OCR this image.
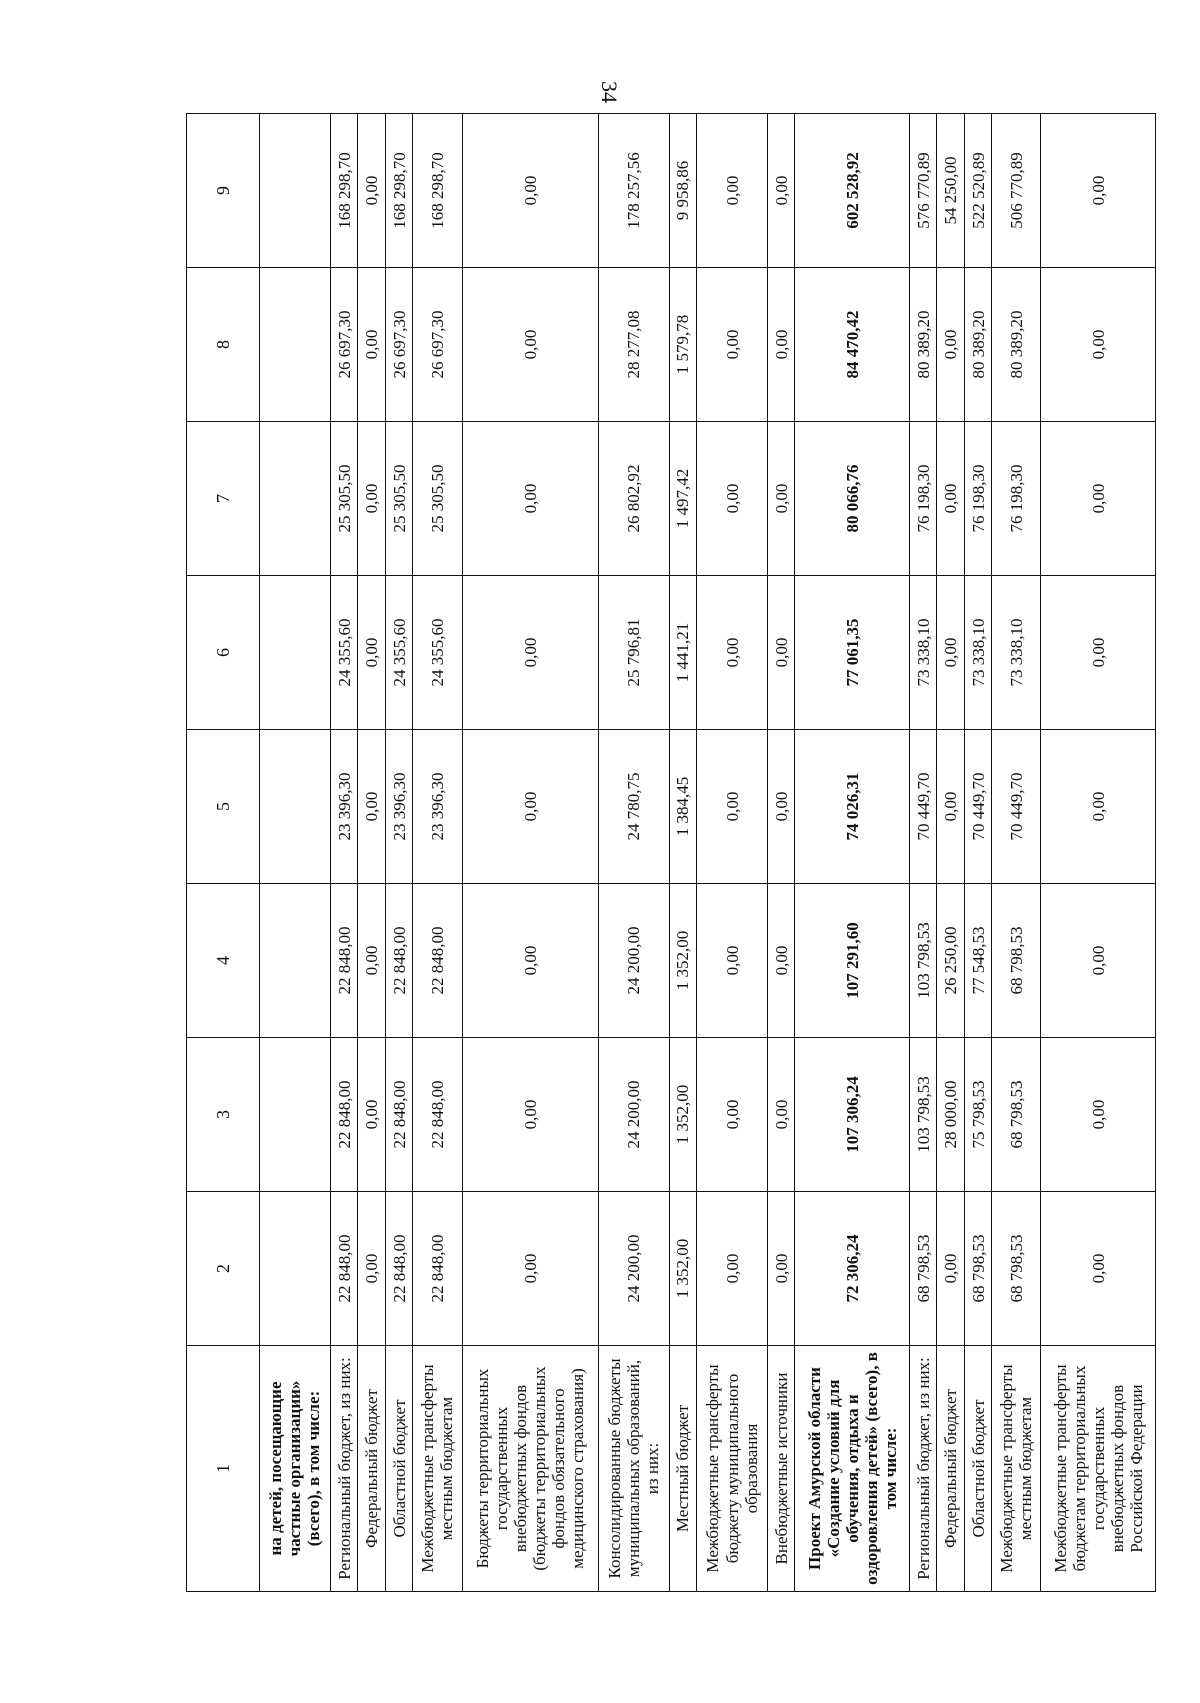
34
1	2	3	4	5	6	7	8	9
на детей, посещающие частные организации» (всего), в том числе:								
Региональный бюджет, из них:	22 848,00	22 848,00	22 848,00	23 396,30	24 355,60	25 305,50	26 697,30	168 298,70
Федеральный бюджет	0,00	0,00	0,00	0,00	0,00	0,00	0,00	0,00
Областной бюджет	22 848,00	22 848,00	22 848,00	23 396,30	24 355,60	25 305,50	26 697,30	168 298,70
Межбюджетные трансферты местным бюджетам	22 848,00	22 848,00	22 848,00	23 396,30	24 355,60	25 305,50	26 697,30	168 298,70
Бюджеты территориальных государственных внебюджетных фондов (бюджеты территориальных фондов обязательного медицинского страхования)	0,00	0,00	0,00	0,00	0,00	0,00	0,00	0,00
Консолидированные бюджеты муниципальных образований, из них:	24 200,00	24 200,00	24 200,00	24 780,75	25 796,81	26 802,92	28 277,08	178 257,56
Местный бюджет	1 352,00	1 352,00	1 352,00	1 384,45	1 441,21	1 497,42	1 579,78	9 958,86
Межбюджетные трансферты бюджету муниципального образования	0,00	0,00	0,00	0,00	0,00	0,00	0,00	0,00
Внебюджетные источники	0,00	0,00	0,00	0,00	0,00	0,00	0,00	0,00
Проект Амурской области «Создание условий для обучения, отдыха и оздоровления детей» (всего), в том числе:	72 306,24	107 306,24	107 291,60	74 026,31	77 061,35	80 066,76	84 470,42	602 528,92
Региональный бюджет, из них:	68 798,53	103 798,53	103 798,53	70 449,70	73 338,10	76 198,30	80 389,20	576 770,89
Федеральный бюджет	0,00	28 000,00	26 250,00	0,00	0,00	0,00	0,00	54 250,00
Областной бюджет	68 798,53	75 798,53	77 548,53	70 449,70	73 338,10	76 198,30	80 389,20	522 520,89
Межбюджетные трансферты местным бюджетам	68 798,53	68 798,53	68 798,53	70 449,70	73 338,10	76 198,30	80 389,20	506 770,89
Межбюджетные трансферты бюджетам территориальных государственных внебюджетных фондов Российской Федерации	0,00	0,00	0,00	0,00	0,00	0,00	0,00	0,00
